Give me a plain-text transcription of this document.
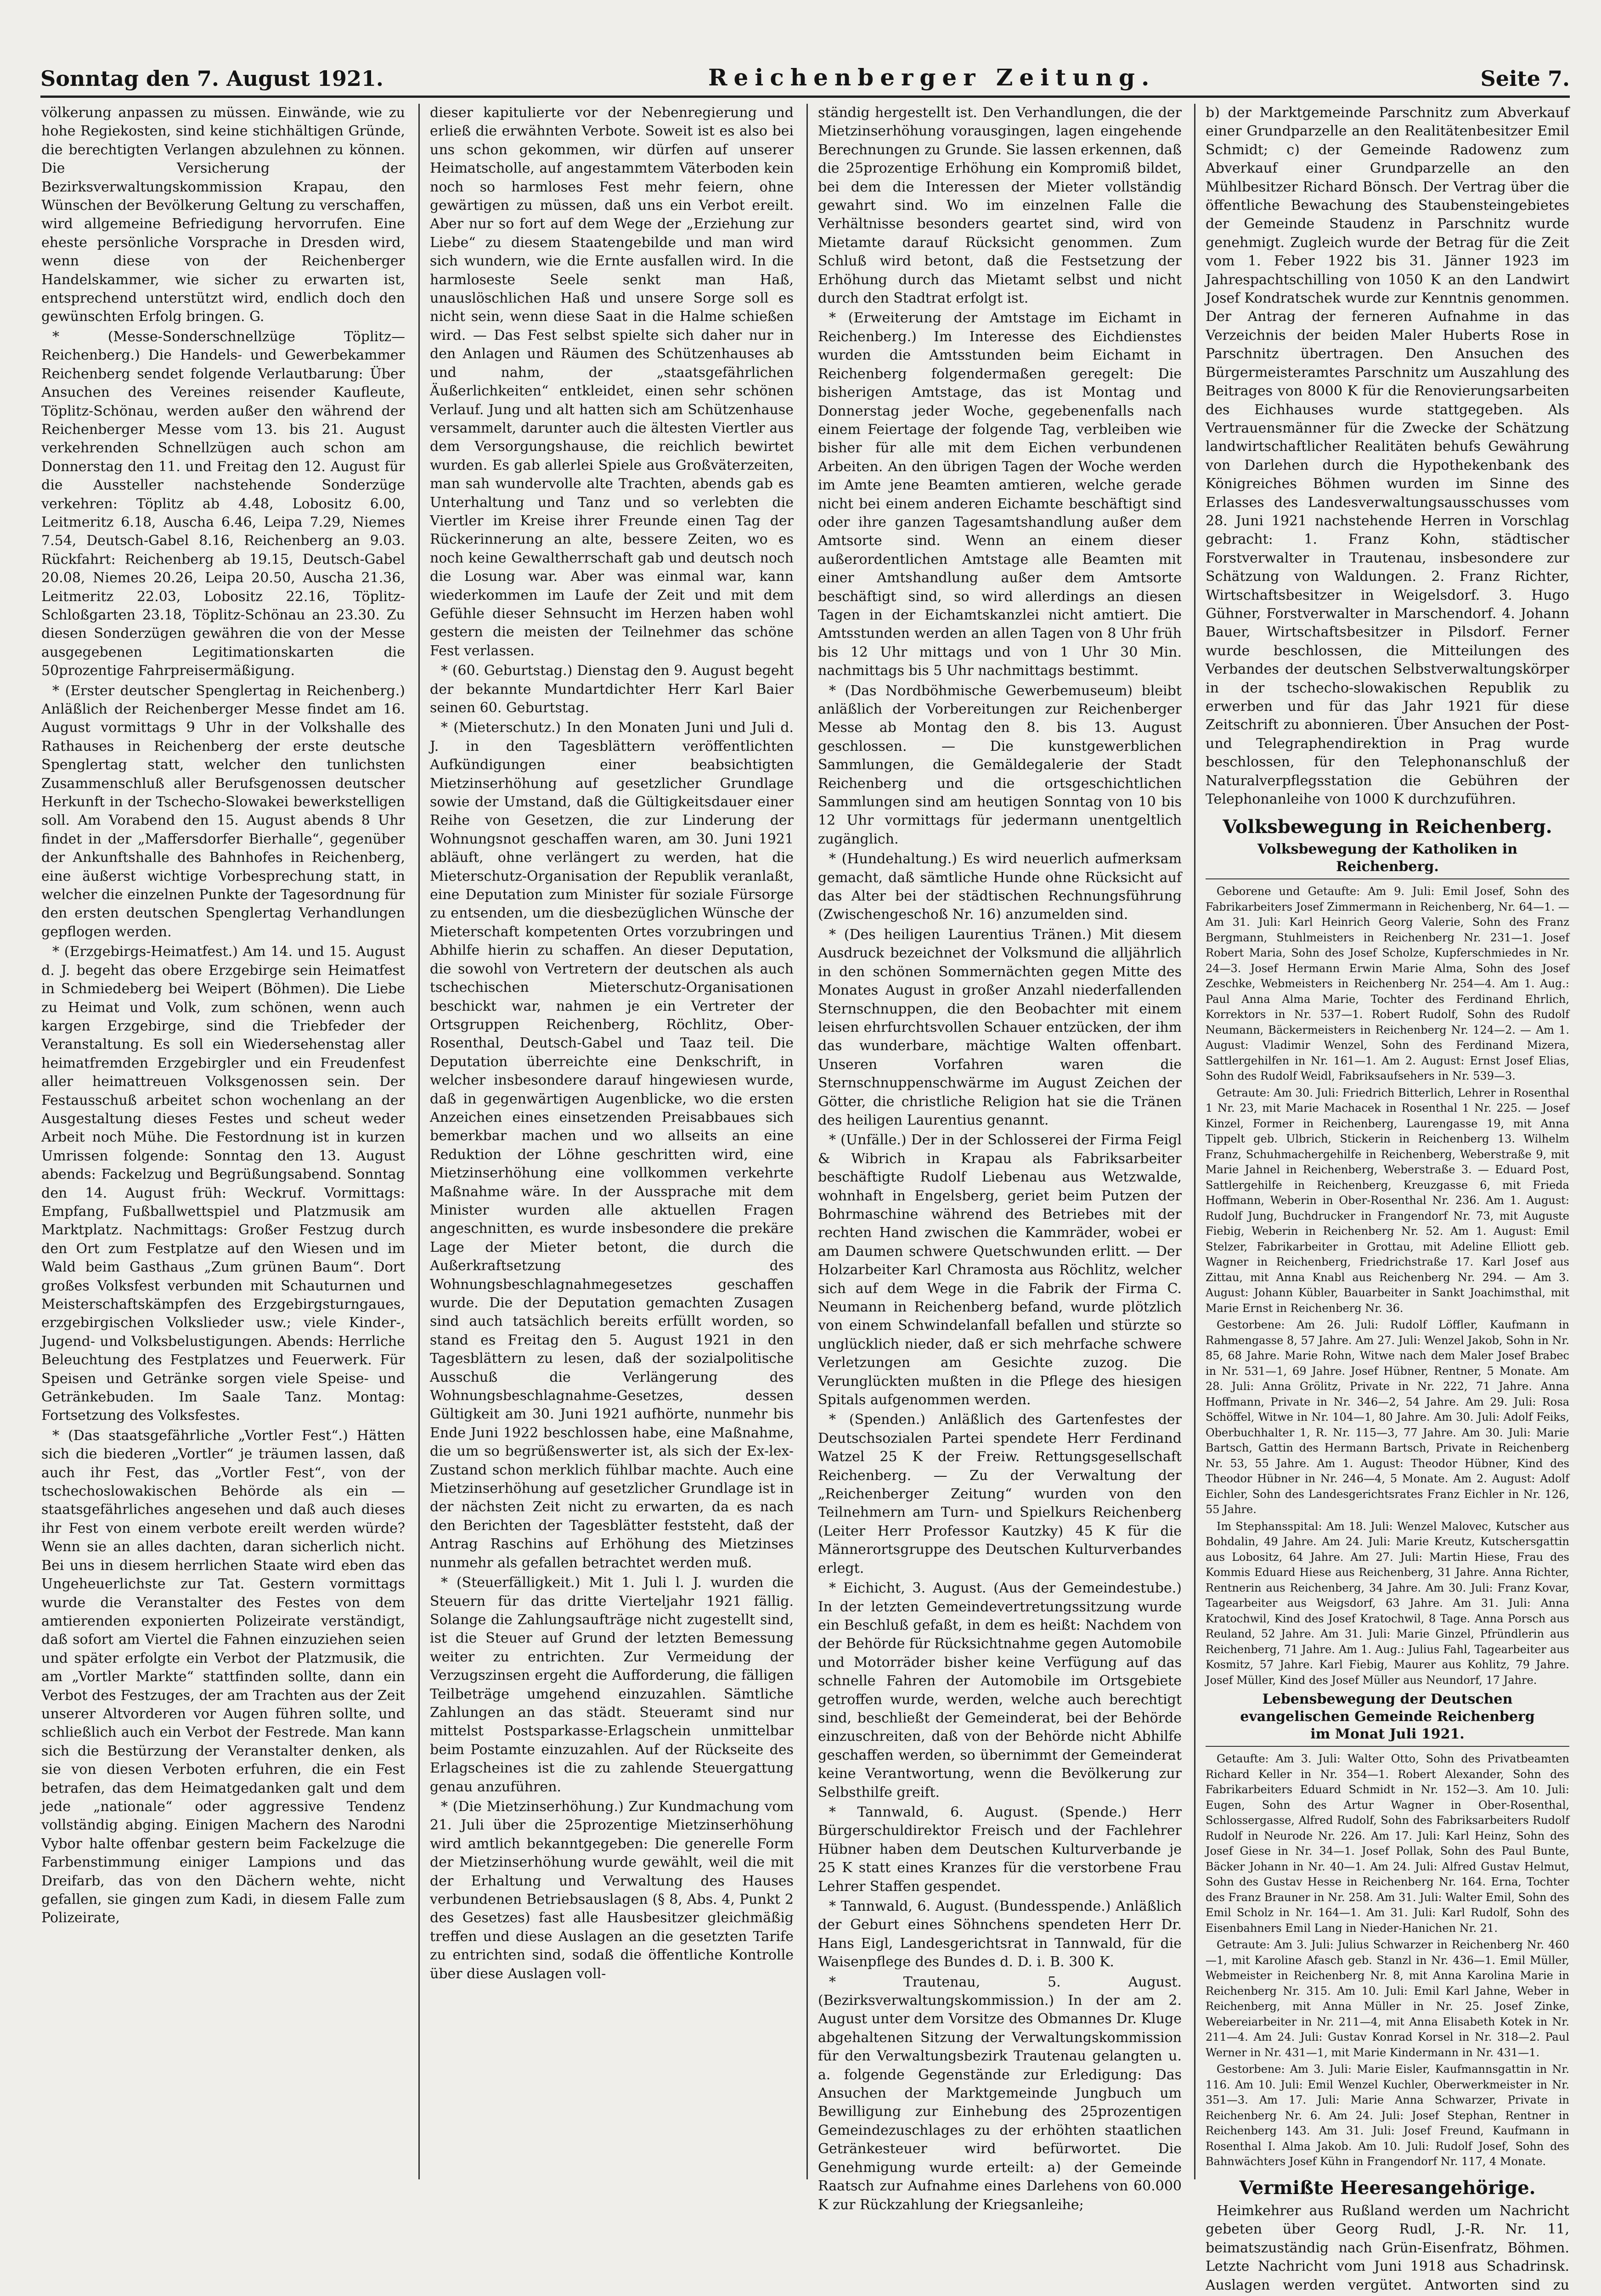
Sonntag den 7. August 1921.	Reichenberger Zeitung.	Seite 7.

völkerung anpassen zu müssen. Einwände, wie zu hohe Regiekosten, sind keine stichhältigen Gründe, die berechtigten Verlangen abzulehnen zu können. Die Versicherung der Bezirksverwaltungskommission Krapau, den Wünschen der Bevölkerung Geltung zu verschaffen, wird allgemeine Befriedigung hervorrufen. Eine eheste persönliche Vorsprache in Dresden wird, wenn diese von der Reichenberger Handelskammer, wie sicher zu erwarten ist, entsprechend unterstützt wird, endlich doch den gewünschten Erfolg bringen. G.

* (Messe-Sonderschnellzüge Töplitz—Reichenberg.) Die Handels- und Gewerbekammer Reichenberg sendet folgende Verlautbarung: Über Ansuchen des Vereines reisender Kaufleute, Töplitz-Schönau, werden außer den während der Reichenberger Messe vom 13. bis 21. August verkehrenden Schnellzügen auch schon am Donnerstag den 11. und Freitag den 12. August für die Aussteller nachstehende Sonderzüge verkehren: Töplitz ab 4.48, Lobositz 6.00, Leitmeritz 6.18, Auscha 6.46, Leipa 7.29, Niemes 7.54, Deutsch-Gabel 8.16, Reichenberg an 9.03. Rückfahrt: Reichenberg ab 19.15, Deutsch-Gabel 20.08, Niemes 20.26, Leipa 20.50, Auscha 21.36, Leitmeritz 22.03, Lobositz 22.16, Töplitz-Schloßgarten 23.18, Töplitz-Schönau an 23.30. Zu diesen Sonderzügen gewähren die von der Messe ausgegebenen Legitimationskarten die 50prozentige Fahrpreisermäßigung.

* (Erster deutscher Spenglertag in Reichenberg.) Anläßlich der Reichenberger Messe findet am 16. August vormittags 9 Uhr in der Volkshalle des Rathauses in Reichenberg der erste deutsche Spenglertag statt, welcher den tunlichsten Zusammenschluß aller Berufsgenossen deutscher Herkunft in der Tschecho-Slowakei bewerkstelligen soll. Am Vorabend den 15. August abends 8 Uhr findet in der „Maffersdorfer Bierhalle“, gegenüber der Ankunftshalle des Bahnhofes in Reichenberg, eine äußerst wichtige Vorbesprechung statt, in welcher die einzelnen Punkte der Tagesordnung für den ersten deutschen Spenglertag Verhandlungen gepflogen werden.

* (Erzgebirgs-Heimatfest.) Am 14. und 15. August d. J. begeht das obere Erzgebirge sein Heimatfest in Schmiedeberg bei Weipert (Böhmen). Die Liebe zu Heimat und Volk, zum schönen, wenn auch kargen Erzgebirge, sind die Triebfeder der Veranstaltung. Es soll ein Wiedersehenstag aller heimatfremden Erzgebirgler und ein Freudenfest aller heimattreuen Volksgenossen sein. Der Festausschuß arbeitet schon wochenlang an der Ausgestaltung dieses Festes und scheut weder Arbeit noch Mühe. Die Festordnung ist in kurzen Umrissen folgende: Sonntag den 13. August abends: Fackelzug und Begrüßungsabend. Sonntag den 14. August früh: Weckruf. Vormittags: Empfang, Fußballwettspiel und Platzmusik am Marktplatz. Nachmittags: Großer Festzug durch den Ort zum Festplatze auf den Wiesen und im Wald beim Gasthaus „Zum grünen Baum“. Dort großes Volksfest verbunden mit Schauturnen und Meisterschaftskämpfen des Erzgebirgsturngaues, erzgebirgischen Volkslieder usw.; viele Kinder-, Jugend- und Volksbelustigungen. Abends: Herrliche Beleuchtung des Festplatzes und Feuerwerk. Für Speisen und Getränke sorgen viele Speise- und Getränkebuden. Im Saale Tanz. Montag: Fortsetzung des Volksfestes.

* (Das staatsgefährliche „Vortler Fest“.) Hätten sich die biederen „Vortler“ je träumen lassen, daß auch ihr Fest, das „Vortler Fest“, von der tschechoslowakischen Behörde als ein — staatsgefährliches angesehen und daß auch dieses ihr Fest von einem verbote ereilt werden würde? Wenn sie an alles dachten, daran sicherlich nicht. Bei uns in diesem herrlichen Staate wird eben das Ungeheuerlichste zur Tat. Gestern vormittags wurde die Veranstalter des Festes von dem amtierenden exponierten Polizeirate verständigt, daß sofort am Viertel die Fahnen einzuziehen seien und später erfolgte ein Verbot der Platzmusik, die am „Vortler Markte“ stattfinden sollte, dann ein Verbot des Festzuges, der am Trachten aus der Zeit unserer Altvorderen vor Augen führen sollte, und schließlich auch ein Verbot der Festrede. Man kann sich die Bestürzung der Veranstalter denken, als sie von diesen Verboten erfuhren, die ein Fest betrafen, das dem Heimatgedanken galt und dem jede „nationale“ oder aggressive Tendenz vollständig abging. Einigen Machern des Narodni Vybor halte offenbar gestern beim Fackelzuge die Farbenstimmung einiger Lampions und das Dreifarb, das von den Dächern wehte, nicht gefallen, sie gingen zum Kadi, in diesem Falle zum Polizeirate,

dieser kapitulierte vor der Nebenregierung und erließ die erwähnten Verbote. Soweit ist es also bei uns schon gekommen, wir dürfen auf unserer Heimatscholle, auf angestammtem Väterboden kein noch so harmloses Fest mehr feiern, ohne gewärtigen zu müssen, daß uns ein Verbot ereilt. Aber nur so fort auf dem Wege der „Erziehung zur Liebe“ zu diesem Staatengebilde und man wird sich wundern, wie die Ernte ausfallen wird. In die harmloseste Seele senkt man Haß, unauslöschlichen Haß und unsere Sorge soll es nicht sein, wenn diese Saat in die Halme schießen wird. — Das Fest selbst spielte sich daher nur in den Anlagen und Räumen des Schützenhauses ab und nahm, der „staatsgefährlichen Äußerlichkeiten“ entkleidet, einen sehr schönen Verlauf. Jung und alt hatten sich am Schützenhause versammelt, darunter auch die ältesten Viertler aus dem Versorgungshause, die reichlich bewirtet wurden. Es gab allerlei Spiele aus Großväterzeiten, man sah wundervolle alte Trachten, abends gab es Unterhaltung und Tanz und so verlebten die Viertler im Kreise ihrer Freunde einen Tag der Rückerinnerung an alte, bessere Zeiten, wo es noch keine Gewaltherrschaft gab und deutsch noch die Losung war. Aber was einmal war, kann wiederkommen im Laufe der Zeit und mit dem Gefühle dieser Sehnsucht im Herzen haben wohl gestern die meisten der Teilnehmer das schöne Fest verlassen.

* (60. Geburtstag.) Dienstag den 9. August begeht der bekannte Mundartdichter Herr Karl Baier seinen 60. Geburtstag.

* (Mieterschutz.) In den Monaten Juni und Juli d. J. in den Tagesblättern veröffentlichten Aufkündigungen einer beabsichtigten Mietzinserhöhung auf gesetzlicher Grundlage sowie der Umstand, daß die Gültigkeitsdauer einer Reihe von Gesetzen, die zur Linderung der Wohnungsnot geschaffen waren, am 30. Juni 1921 abläuft, ohne verlängert zu werden, hat die Mieterschutz-Organisation der Republik veranlaßt, eine Deputation zum Minister für soziale Fürsorge zu entsenden, um die diesbezüglichen Wünsche der Mieterschaft kompetenten Ortes vorzubringen und Abhilfe hierin zu schaffen. An dieser Deputation, die sowohl von Vertretern der deutschen als auch tschechischen Mieterschutz-Organisationen beschickt war, nahmen je ein Vertreter der Ortsgruppen Reichenberg, Röchlitz, Ober-Rosenthal, Deutsch-Gabel und Taaz teil. Die Deputation überreichte eine Denkschrift, in welcher insbesondere darauf hingewiesen wurde, daß in gegenwärtigen Augenblicke, wo die ersten Anzeichen eines einsetzenden Preisabbaues sich bemerkbar machen und wo allseits an eine Reduktion der Löhne geschritten wird, eine Mietzinserhöhung eine vollkommen verkehrte Maßnahme wäre. In der Aussprache mit dem Minister wurden alle aktuellen Fragen angeschnitten, es wurde insbesondere die prekäre Lage der Mieter betont, die durch die Außerkraftsetzung des Wohnungsbeschlagnahmegesetzes geschaffen wurde. Die der Deputation gemachten Zusagen sind auch tatsächlich bereits erfüllt worden, so stand es Freitag den 5. August 1921 in den Tagesblättern zu lesen, daß der sozialpolitische Ausschuß die Verlängerung des Wohnungsbeschlagnahme-Gesetzes, dessen Gültigkeit am 30. Juni 1921 aufhörte, nunmehr bis Ende Juni 1922 beschlossen habe, eine Maßnahme, die um so begrüßenswerter ist, als sich der Ex-lex-Zustand schon merklich fühlbar machte. Auch eine Mietzinserhöhung auf gesetzlicher Grundlage ist in der nächsten Zeit nicht zu erwarten, da es nach den Berichten der Tagesblätter feststeht, daß der Antrag Raschins auf Erhöhung des Mietzinses nunmehr als gefallen betrachtet werden muß.

* (Steuerfälligkeit.) Mit 1. Juli l. J. wurden die Steuern für das dritte Vierteljahr 1921 fällig. Solange die Zahlungsaufträge nicht zugestellt sind, ist die Steuer auf Grund der letzten Bemessung weiter zu entrichten. Zur Vermeidung der Verzugszinsen ergeht die Aufforderung, die fälligen Teilbeträge umgehend einzuzahlen. Sämtliche Zahlungen an das städt. Steueramt sind nur mittelst Postsparkasse-Erlagschein unmittelbar beim Postamte einzuzahlen. Auf der Rückseite des Erlagscheines ist die zu zahlende Steuergattung genau anzuführen.

* (Die Mietzinserhöhung.) Zur Kundmachung vom 21. Juli über die 25prozentige Mietzinserhöhung wird amtlich bekanntgegeben: Die generelle Form der Mietzinserhöhung wurde gewählt, weil die mit der Erhaltung und Verwaltung des Hauses verbundenen Betriebsauslagen (§ 8, Abs. 4, Punkt 2 des Gesetzes) fast alle Hausbesitzer gleichmäßig treffen und diese Auslagen an die gesetzten Tarife zu entrichten sind, sodaß die öffentliche Kontrolle über diese Auslagen voll-

ständig hergestellt ist. Den Verhandlungen, die der Mietzinserhöhung vorausgingen, lagen eingehende Berechnungen zu Grunde. Sie lassen erkennen, daß die 25prozentige Erhöhung ein Kompromiß bildet, bei dem die Interessen der Mieter vollständig gewahrt sind. Wo im einzelnen Falle die Verhältnisse besonders geartet sind, wird von Mietamte darauf Rücksicht genommen. Zum Schluß wird betont, daß die Festsetzung der Erhöhung durch das Mietamt selbst und nicht durch den Stadtrat erfolgt ist.

* (Erweiterung der Amtstage im Eichamt in Reichenberg.) Im Interesse des Eichdienstes wurden die Amtsstunden beim Eichamt in Reichenberg folgendermaßen geregelt: Die bisherigen Amtstage, das ist Montag und Donnerstag jeder Woche, gegebenenfalls nach einem Feiertage der folgende Tag, verbleiben wie bisher für alle mit dem Eichen verbundenen Arbeiten. An den übrigen Tagen der Woche werden im Amte jene Beamten amtieren, welche gerade nicht bei einem anderen Eichamte beschäftigt sind oder ihre ganzen Tagesamtshandlung außer dem Amtsorte sind. Wenn an einem dieser außerordentlichen Amtstage alle Beamten mit einer Amtshandlung außer dem Amtsorte beschäftigt sind, so wird allerdings an diesen Tagen in der Eichamtskanzlei nicht amtiert. Die Amtsstunden werden an allen Tagen von 8 Uhr früh bis 12 Uhr mittags und von 1 Uhr 30 Min. nachmittags bis 5 Uhr nachmittags bestimmt.

* (Das Nordböhmische Gewerbemuseum) bleibt anläßlich der Vorbereitungen zur Reichenberger Messe ab Montag den 8. bis 13. August geschlossen. — Die kunstgewerblichen Sammlungen, die Gemäldegalerie der Stadt Reichenberg und die ortsgeschichtlichen Sammlungen sind am heutigen Sonntag von 10 bis 12 Uhr vormittags für jedermann unentgeltlich zugänglich.

* (Hundehaltung.) Es wird neuerlich aufmerksam gemacht, daß sämtliche Hunde ohne Rücksicht auf das Alter bei der städtischen Rechnungsführung (Zwischengeschoß Nr. 16) anzumelden sind.

* (Des heiligen Laurentius Tränen.) Mit diesem Ausdruck bezeichnet der Volksmund die alljährlich in den schönen Sommernächten gegen Mitte des Monates August in großer Anzahl niederfallenden Sternschnuppen, die den Beobachter mit einem leisen ehrfurchtsvollen Schauer entzücken, der ihm das wunderbare, mächtige Walten offenbart. Unseren Vorfahren waren die Sternschnuppenschwärme im August Zeichen der Götter, die christliche Religion hat sie die Tränen des heiligen Laurentius genannt.

* (Unfälle.) Der in der Schlosserei der Firma Feigl & Wibrich in Krapau als Fabriksarbeiter beschäftigte Rudolf Liebenau aus Wetzwalde, wohnhaft in Engelsberg, geriet beim Putzen der Bohrmaschine während des Betriebes mit der rechten Hand zwischen die Kammräder, wobei er am Daumen schwere Quetschwunden erlitt. — Der Holzarbeiter Karl Chramosta aus Röchlitz, welcher sich auf dem Wege in die Fabrik der Firma C. Neumann in Reichenberg befand, wurde plötzlich von einem Schwindelanfall befallen und stürzte so unglücklich nieder, daß er sich mehrfache schwere Verletzungen am Gesichte zuzog. Die Verunglückten mußten in die Pflege des hiesigen Spitals aufgenommen werden.

* (Spenden.) Anläßlich des Gartenfestes der Deutschsozialen Partei spendete Herr Ferdinand Watzel 25 K der Freiw. Rettungsgesellschaft Reichenberg. — Zu der Verwaltung der „Reichenberger Zeitung“ wurden von den Teilnehmern am Turn- und Spielkurs Reichenberg (Leiter Herr Professor Kautzky) 45 K für die Männerortsgruppe des Deutschen Kulturverbandes erlegt.

* Eichicht, 3. August. (Aus der Gemeindestube.) In der letzten Gemeindevertretungssitzung wurde ein Beschluß gefaßt, in dem es heißt: Nachdem von der Behörde für Rücksichtnahme gegen Automobile und Motorräder bisher keine Verfügung auf das schnelle Fahren der Automobile im Ortsgebiete getroffen wurde, werden, welche auch berechtigt sind, beschließt der Gemeinderat, bei der Behörde einzuschreiten, daß von der Behörde nicht Abhilfe geschaffen werden, so übernimmt der Gemeinderat keine Verantwortung, wenn die Bevölkerung zur Selbsthilfe greift.

* Tannwald, 6. August. (Spende.) Herr Bürgerschuldirektor Freisch und der Fachlehrer Hübner haben dem Deutschen Kulturverbande je 25 K statt eines Kranzes für die verstorbene Frau Lehrer Staffen gespendet.

* Tannwald, 6. August. (Bundesspende.) Anläßlich der Geburt eines Söhnchens spendeten Herr Dr. Hans Eigl, Landesgerichtsrat in Tannwald, für die Waisenpflege des Bundes d. D. i. B. 300 K.

* Trautenau, 5. August. (Bezirksverwaltungskommission.) In der am 2. August unter dem Vorsitze des Obmannes Dr. Kluge abgehaltenen Sitzung der Verwaltungskommission für den Verwaltungsbezirk Trautenau gelangten u. a. folgende Gegenstände zur Erledigung: Das Ansuchen der Marktgemeinde Jungbuch um Bewilligung zur Einhebung des 25prozentigen Gemeindezuschlages zu der erhöhten staatlichen Getränkesteuer wird befürwortet. Die Genehmigung wurde erteilt: a) der Gemeinde Raatsch zur Aufnahme eines Darlehens von 60.000 K zur Rückzahlung der Kriegsanleihe;

b) der Marktgemeinde Parschnitz zum Abverkauf einer Grundparzelle an den Realitätenbesitzer Emil Schmidt; c) der Gemeinde Radowenz zum Abverkauf einer Grundparzelle an den Mühlbesitzer Richard Bönsch. Der Vertrag über die öffentliche Bewachung des Staubensteingebietes der Gemeinde Staudenz in Parschnitz wurde genehmigt. Zugleich wurde der Betrag für die Zeit vom 1. Feber 1922 bis 31. Jänner 1923 im Jahrespachtschilling von 1050 K an den Landwirt Josef Kondratschek wurde zur Kenntnis genommen. Der Antrag der ferneren Aufnahme in das Verzeichnis der beiden Maler Huberts Rose in Parschnitz übertragen. Den Ansuchen des Bürgermeisteramtes Parschnitz um Auszahlung des Beitrages von 8000 K für die Renovierungsarbeiten des Eichhauses wurde stattgegeben. Als Vertrauensmänner für die Zwecke der Schätzung landwirtschaftlicher Realitäten behufs Gewährung von Darlehen durch die Hypothekenbank des Königreiches Böhmen wurden im Sinne des Erlasses des Landesverwaltungsausschusses vom 28. Juni 1921 nachstehende Herren in Vorschlag gebracht: 1. Franz Kohn, städtischer Forstverwalter in Trautenau, insbesondere zur Schätzung von Waldungen. 2. Franz Richter, Wirtschaftsbesitzer in Weigelsdorf. 3. Hugo Gühner, Forstverwalter in Marschendorf. 4. Johann Bauer, Wirtschaftsbesitzer in Pilsdorf. Ferner wurde beschlossen, die Mitteilungen des Verbandes der deutschen Selbstverwaltungskörper in der tschecho-slowakischen Republik zu erwerben und für das Jahr 1921 für diese Zeitschrift zu abonnieren. Über Ansuchen der Post- und Telegraphendirektion in Prag wurde beschlossen, für den Telephonanschluß der Naturalverpflegsstation die Gebühren der Telephonanleihe von 1000 K durchzuführen.

Volksbewegung in Reichenberg.
Volksbewegung der Katholiken in Reichenberg.

Geborene und Getaufte: Am 9. Juli: Emil Josef, Sohn des Fabrikarbeiters Josef Zimmermann in Reichenberg, Nr. 64—1. — Am 31. Juli: Karl Heinrich Georg Valerie, Sohn des Franz Bergmann, Stuhlmeisters in Reichenberg Nr. 231—1. Josef Robert Maria, Sohn des Josef Scholze, Kupferschmiedes in Nr. 24—3. Josef Hermann Erwin Marie Alma, Sohn des Josef Zeschke, Webmeisters in Reichenberg Nr. 254—4. Am 1. Aug.: Paul Anna Alma Marie, Tochter des Ferdinand Ehrlich, Korrektors in Nr. 537—1. Robert Rudolf, Sohn des Rudolf Neumann, Bäckermeisters in Reichenberg Nr. 124—2. — Am 1. August: Vladimir Wenzel, Sohn des Ferdinand Mizera, Sattlergehilfen in Nr. 161—1. Am 2. August: Ernst Josef Elias, Sohn des Rudolf Weidl, Fabriksaufsehers in Nr. 539—3.

Getraute: Am 30. Juli: Friedrich Bitterlich, Lehrer in Rosenthal 1 Nr. 23, mit Marie Machacek in Rosenthal 1 Nr. 225. — Josef Kinzel, Former in Reichenberg, Laurengasse 19, mit Anna Tippelt geb. Ulbrich, Stickerin in Reichenberg 13. Wilhelm Franz, Schuhmachergehilfe in Reichenberg, Weberstraße 9, mit Marie Jahnel in Reichenberg, Weberstraße 3. — Eduard Post, Sattlergehilfe in Reichenberg, Kreuzgasse 6, mit Frieda Hoffmann, Weberin in Ober-Rosenthal Nr. 236. Am 1. August: Rudolf Jung, Buchdrucker in Frangendorf Nr. 73, mit Auguste Fiebig, Weberin in Reichenberg Nr. 52. Am 1. August: Emil Stelzer, Fabrikarbeiter in Grottau, mit Adeline Elliott geb. Wagner in Reichenberg, Friedrichstraße 17. Karl Josef aus Zittau, mit Anna Knabl aus Reichenberg Nr. 294. — Am 3. August: Johann Kübler, Bauarbeiter in Sankt Joachimsthal, mit Marie Ernst in Reichenberg Nr. 36.

Gestorbene: Am 26. Juli: Rudolf Löffler, Kaufmann in Rahmengasse 8, 57 Jahre. Am 27. Juli: Wenzel Jakob, Sohn in Nr. 85, 68 Jahre. Marie Rohn, Witwe nach dem Maler Josef Brabec in Nr. 531—1, 69 Jahre. Josef Hübner, Rentner, 5 Monate. Am 28. Juli: Anna Grölitz, Private in Nr. 222, 71 Jahre. Anna Hoffmann, Private in Nr. 346—2, 54 Jahre. Am 29. Juli: Rosa Schöffel, Witwe in Nr. 104—1, 80 Jahre. Am 30. Juli: Adolf Feiks, Oberbuchhalter 1, R. Nr. 115—3, 77 Jahre. Am 30. Juli: Marie Bartsch, Gattin des Hermann Bartsch, Private in Reichenberg Nr. 53, 55 Jahre. Am 1. August: Theodor Hübner, Kind des Theodor Hübner in Nr. 246—4, 5 Monate. Am 2. August: Adolf Eichler, Sohn des Landesgerichtsrates Franz Eichler in Nr. 126, 55 Jahre.

Im Stephansspital: Am 18. Juli: Wenzel Malovec, Kutscher aus Bohdalin, 49 Jahre. Am 24. Juli: Marie Kreutz, Kutschersgattin aus Lobositz, 64 Jahre. Am 27. Juli: Martin Hiese, Frau des Kommis Eduard Hiese aus Reichenberg, 31 Jahre. Anna Richter, Rentnerin aus Reichenberg, 34 Jahre. Am 30. Juli: Franz Kovar, Tagearbeiter aus Weigsdorf, 63 Jahre. Am 31. Juli: Anna Kratochwil, Kind des Josef Kratochwil, 8 Tage. Anna Porsch aus Reuland, 52 Jahre. Am 31. Juli: Marie Ginzel, Pfründlerin aus Reichenberg, 71 Jahre. Am 1. Aug.: Julius Fahl, Tagearbeiter aus Kosmitz, 57 Jahre. Karl Fiebig, Maurer aus Kohlitz, 79 Jahre. Josef Müller, Kind des Josef Müller aus Neundorf, 17 Jahre.

Lebensbewegung der Deutschen evangelischen Gemeinde Reichenberg
im Monat Juli 1921.

Getaufte: Am 3. Juli: Walter Otto, Sohn des Privatbeamten Richard Keller in Nr. 354—1. Robert Alexander, Sohn des Fabrikarbeiters Eduard Schmidt in Nr. 152—3. Am 10. Juli: Eugen, Sohn des Artur Wagner in Ober-Rosenthal, Schlossergasse, Alfred Rudolf, Sohn des Fabriksarbeiters Rudolf Rudolf in Neurode Nr. 226. Am 17. Juli: Karl Heinz, Sohn des Josef Giese in Nr. 34—1. Josef Pollak, Sohn des Paul Bunte, Bäcker Johann in Nr. 40—1. Am 24. Juli: Alfred Gustav Helmut, Sohn des Gustav Hesse in Reichenberg Nr. 164. Erna, Tochter des Franz Brauner in Nr. 258. Am 31. Juli: Walter Emil, Sohn des Emil Scholz in Nr. 164—1. Am 31. Juli: Karl Rudolf, Sohn des Eisenbahners Emil Lang in Nieder-Hanichen Nr. 21.

Getraute: Am 3. Juli: Julius Schwarzer in Reichenberg Nr. 460—1, mit Karoline Afasch geb. Stanzl in Nr. 436—1. Emil Müller, Webmeister in Reichenberg Nr. 8, mit Anna Karolina Marie in Reichenberg Nr. 315. Am 10. Juli: Emil Karl Jahne, Weber in Reichenberg, mit Anna Müller in Nr. 25. Josef Zinke, Webereiarbeiter in Nr. 211—4, mit Anna Elisabeth Kotek in Nr. 211—4. Am 24. Juli: Gustav Konrad Korsel in Nr. 318—2. Paul Werner in Nr. 431—1, mit Marie Kindermann in Nr. 431—1.

Gestorbene: Am 3. Juli: Marie Eisler, Kaufmannsgattin in Nr. 116. Am 10. Juli: Emil Wenzel Kuchler, Oberwerkmeister in Nr. 351—3. Am 17. Juli: Marie Anna Schwarzer, Private in Reichenberg Nr. 6. Am 24. Juli: Josef Stephan, Rentner in Reichenberg 143. Am 31. Juli: Josef Freund, Kaufmann in Rosenthal I. Alma Jakob. Am 10. Juli: Rudolf Josef, Sohn des Bahnwächters Josef Kühn in Frangendorf Nr. 117, 4 Monate.

Vermißte Heeresangehörige.

Heimkehrer aus Rußland werden um Nachricht gebeten über Georg Rudl, J.-R. Nr. 11, beimatszuständig nach Grün-Eisenfratz, Böhmen. Letzte Nachricht vom Juni 1918 aus Schadrinsk. Auslagen werden vergütet. Antworten sind zu
